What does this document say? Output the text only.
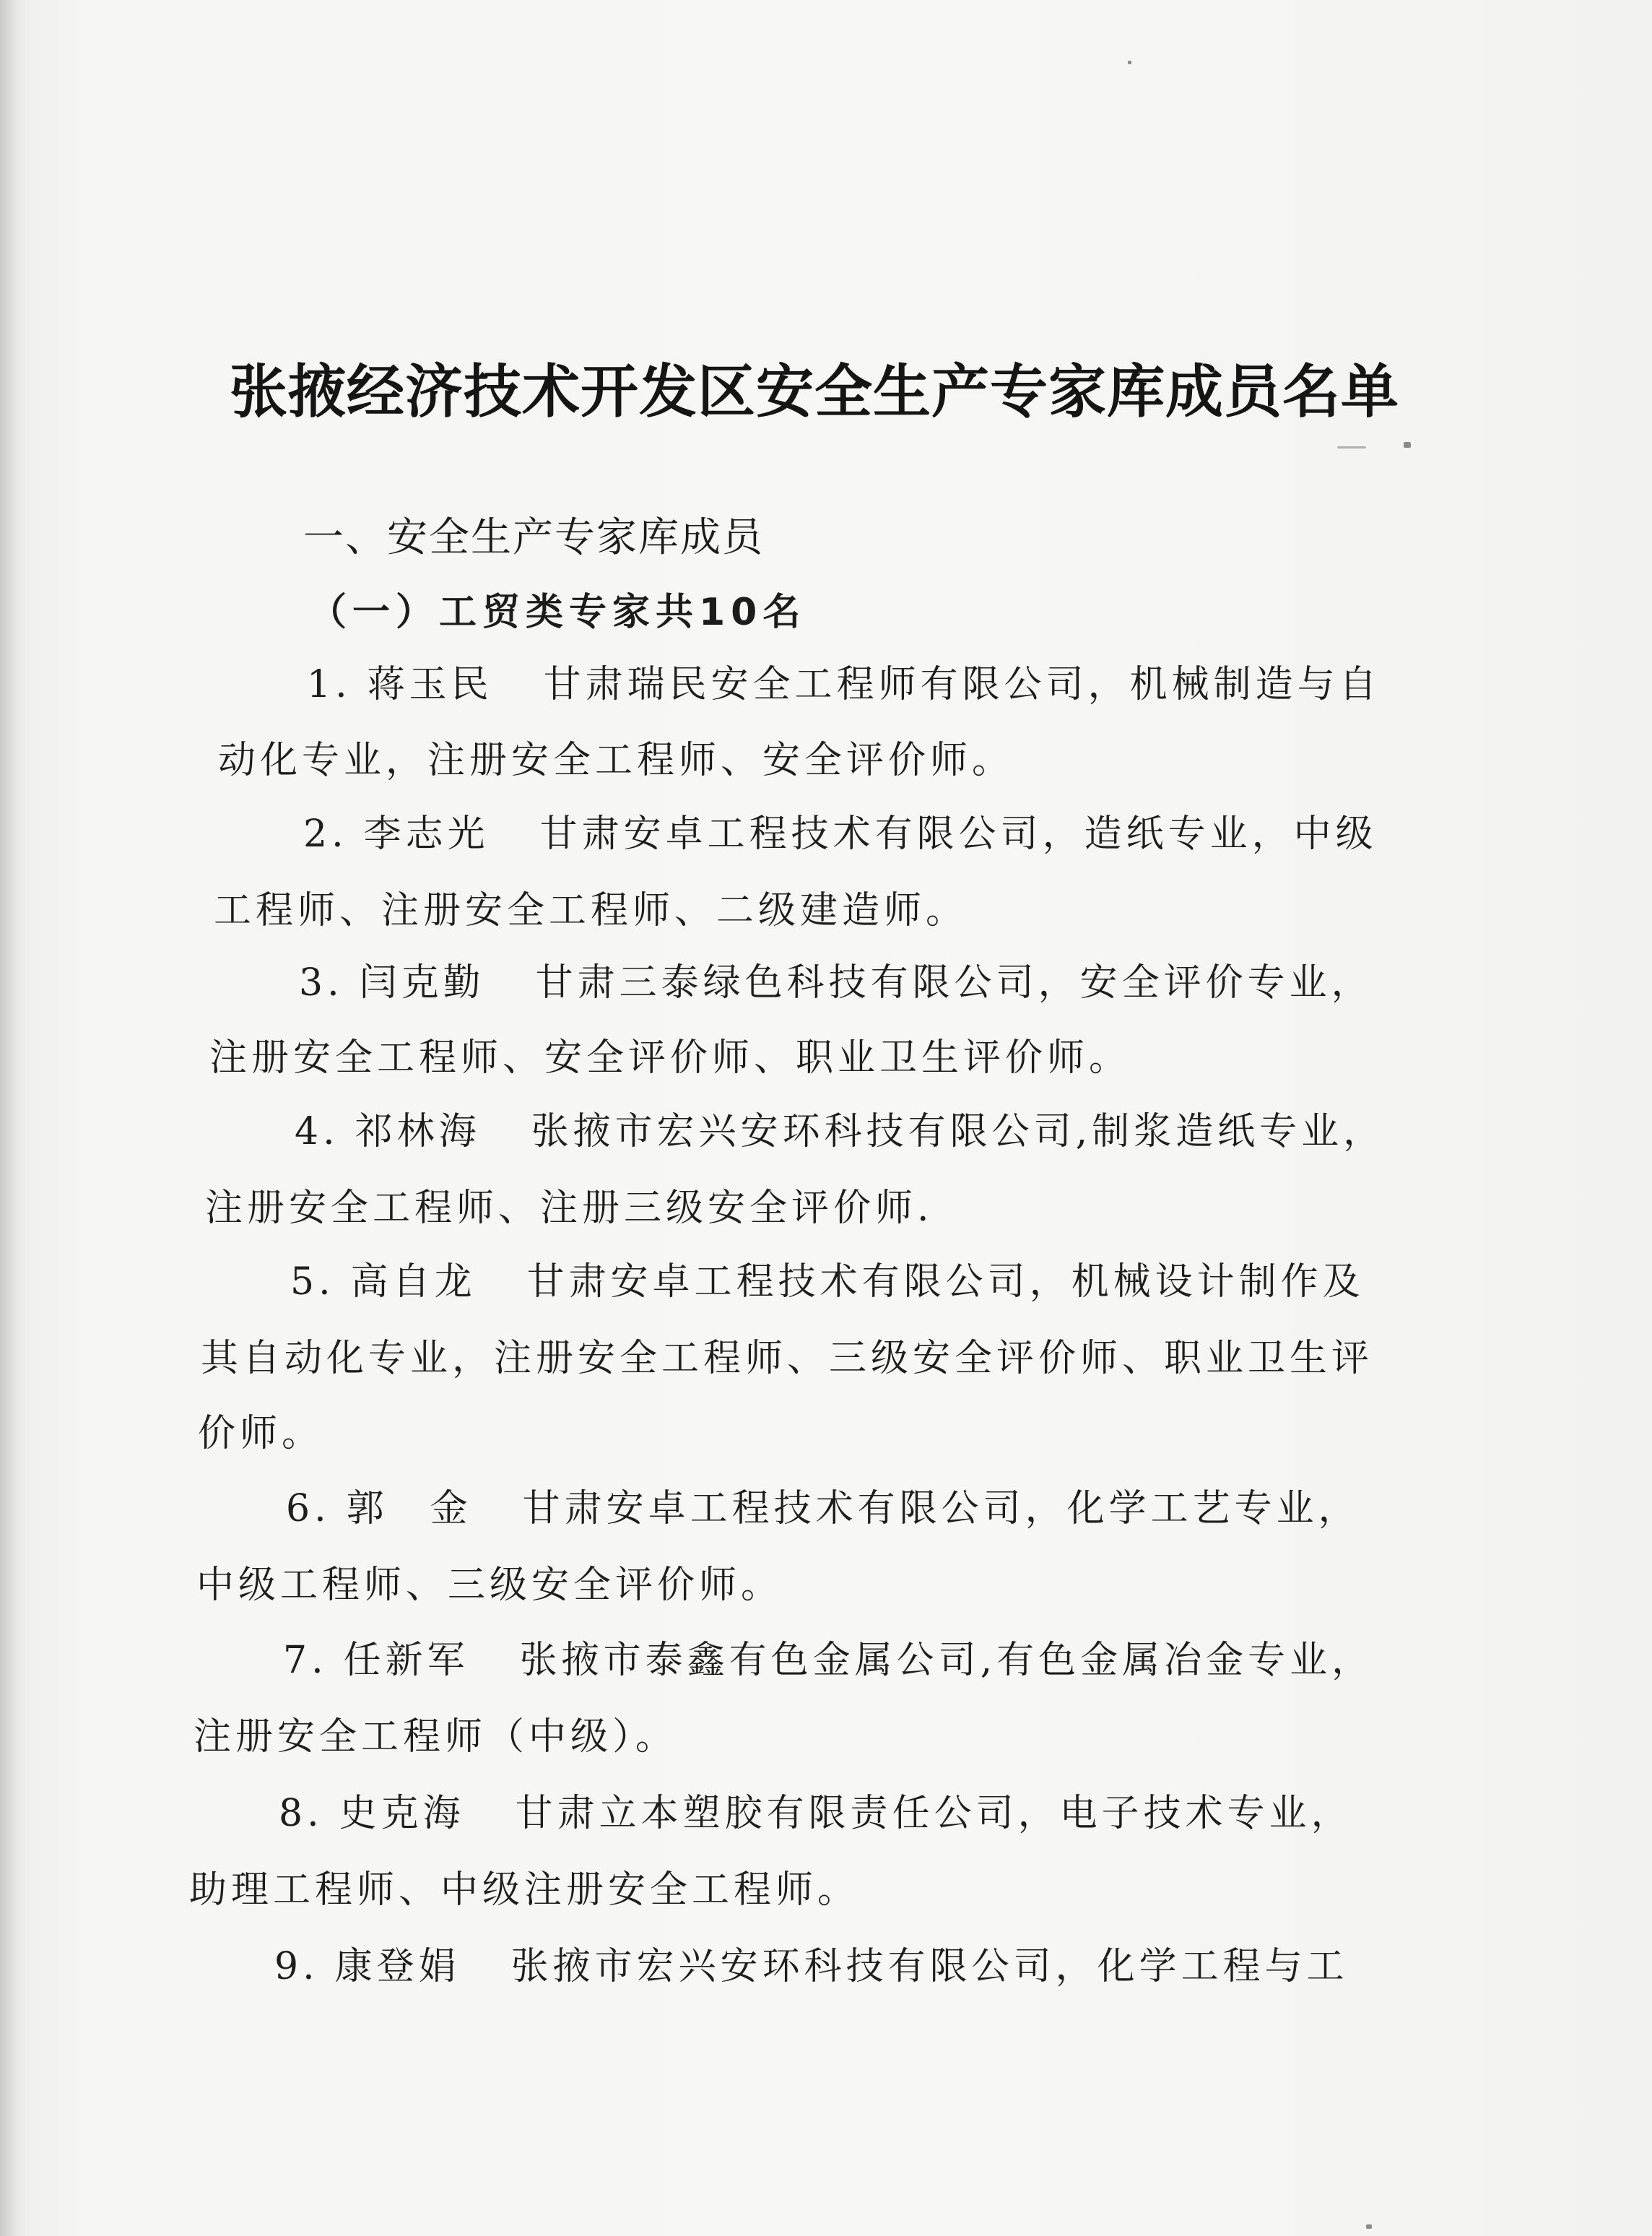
张掖经济技术开发区安全生产专家库成员名单
一、安全生产专家库成员
（一）工贸类专家共10名
1. 蒋玉民 甘肃瑞民安全工程师有限公司，机械制造与自
动化专业，注册安全工程师、安全评价师。
2. 李志光 甘肃安卓工程技术有限公司，造纸专业，中级
工程师、注册安全工程师、二级建造师。
3. 闫克勤 甘肃三泰绿色科技有限公司，安全评价专业，
注册安全工程师、安全评价师、职业卫生评价师。
4. 祁林海 张掖市宏兴安环科技有限公司,制浆造纸专业，
注册安全工程师、注册三级安全评价师.
5. 高自龙 甘肃安卓工程技术有限公司，机械设计制作及
其自动化专业，注册安全工程师、三级安全评价师、职业卫生评
价师。
6. 郭　金 甘肃安卓工程技术有限公司，化学工艺专业，
中级工程师、三级安全评价师。
7. 任新军 张掖市泰鑫有色金属公司,有色金属冶金专业，
注册安全工程师（中级）。
8. 史克海 甘肃立本塑胶有限责任公司，电子技术专业，
助理工程师、中级注册安全工程师。
9. 康登娟 张掖市宏兴安环科技有限公司，化学工程与工
